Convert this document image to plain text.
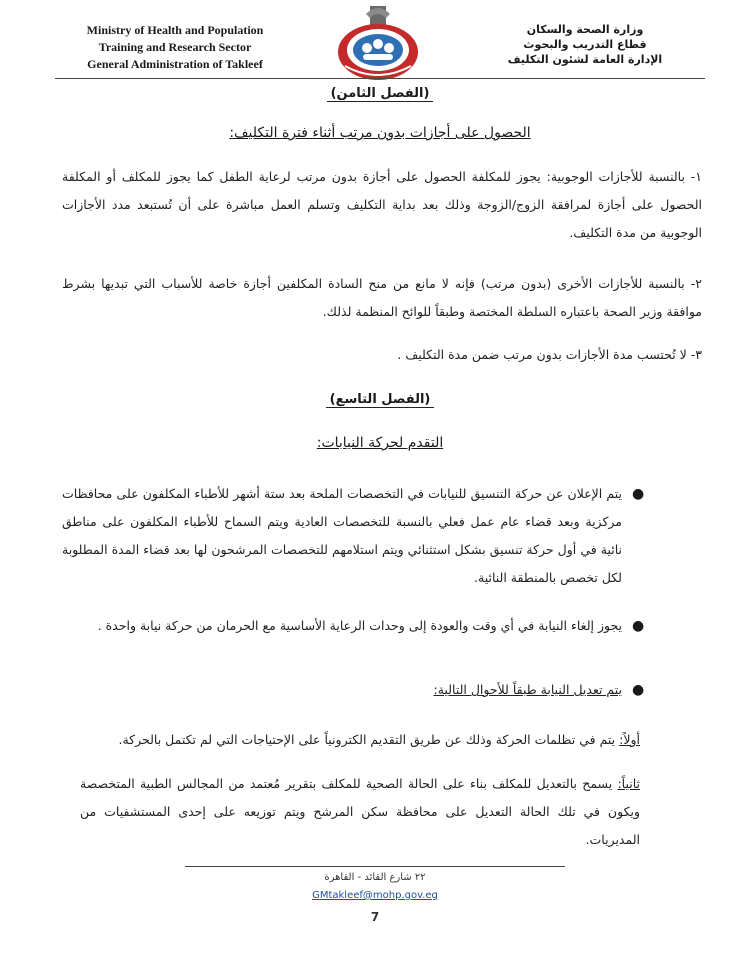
Ministry of Health and Population
Training and Research Sector
General Administration of Takleef
وزارة الصحة والسكان
قطاع التدريب والبحوث
الإدارة العامة لشئون التكليف
(الفصل الثامن)
الحصول على أجازات بدون مرتب أثناء فترة التكليف:
١- بالنسبة للأجازات الوجوبية: يجوز للمكلفة الحصول على أجازة بدون مرتب لرعاية الطفل كما يجوز للمكلف أو المكلفة الحصول على أجازة لمرافقة الزوج/الزوجة وذلك بعد بداية التكليف وتسلم العمل مباشرة على أن تُستبعد مدد الأجازات الوجوبية من مدة التكليف.
٢- بالنسبة للأجازات الأخرى (بدون مرتب) فإنه لا مانع من منح السادة المكلفين أجازة خاصة للأسباب التي تبديها بشرط موافقة وزير الصحة باعتباره السلطة المختصة وطبقاً للوائح المنظمة لذلك.
٣- لا تُحتسب مدة الأجازات بدون مرتب ضمن مدة التكليف .
(الفصل التاسع)
التقدم لحركة النيابات:
●
يتم الإعلان عن حركة التنسيق للنيابات في التخصصات الملحة بعد ستة أشهر للأطباء المكلفون على محافظات مركزية وبعد قضاء عام عمل فعلي بالنسبة للتخصصات العادية ويتم السماح للأطباء المكلفون على مناطق نائية في أول حركة تنسيق بشكل استثنائي ويتم استلامهم للتخصصات المرشحون لها بعد قضاء المدة المطلوبة لكل تخصص بالمنطقة النائية.
●
يجوز إلغاء النيابة في أي وقت والعودة إلى وحدات الرعاية الأساسية مع الحرمان من حركة نيابة واحدة .
●
يتم تعديل النيابة طبقاً للأحوال التالية:
أولاً: يتم في تظلمات الحركة وذلك عن طريق التقديم الكترونياً على الإحتياجات التي لم تكتمل بالحركة.
ثانياً: يسمح بالتعديل للمكلف بناء على الحالة الصحية للمكلف بتقرير مُعتمد من المجالس الطبية المتخصصة ويكون في تلك الحالة التعديل على محافظة سكن المرشح ويتم توزيعه على إحدى المستشفيات من المديريات.
٢٢ شارع القائد - القاهرة
GMtakleef@mohp.gov.eg
7
